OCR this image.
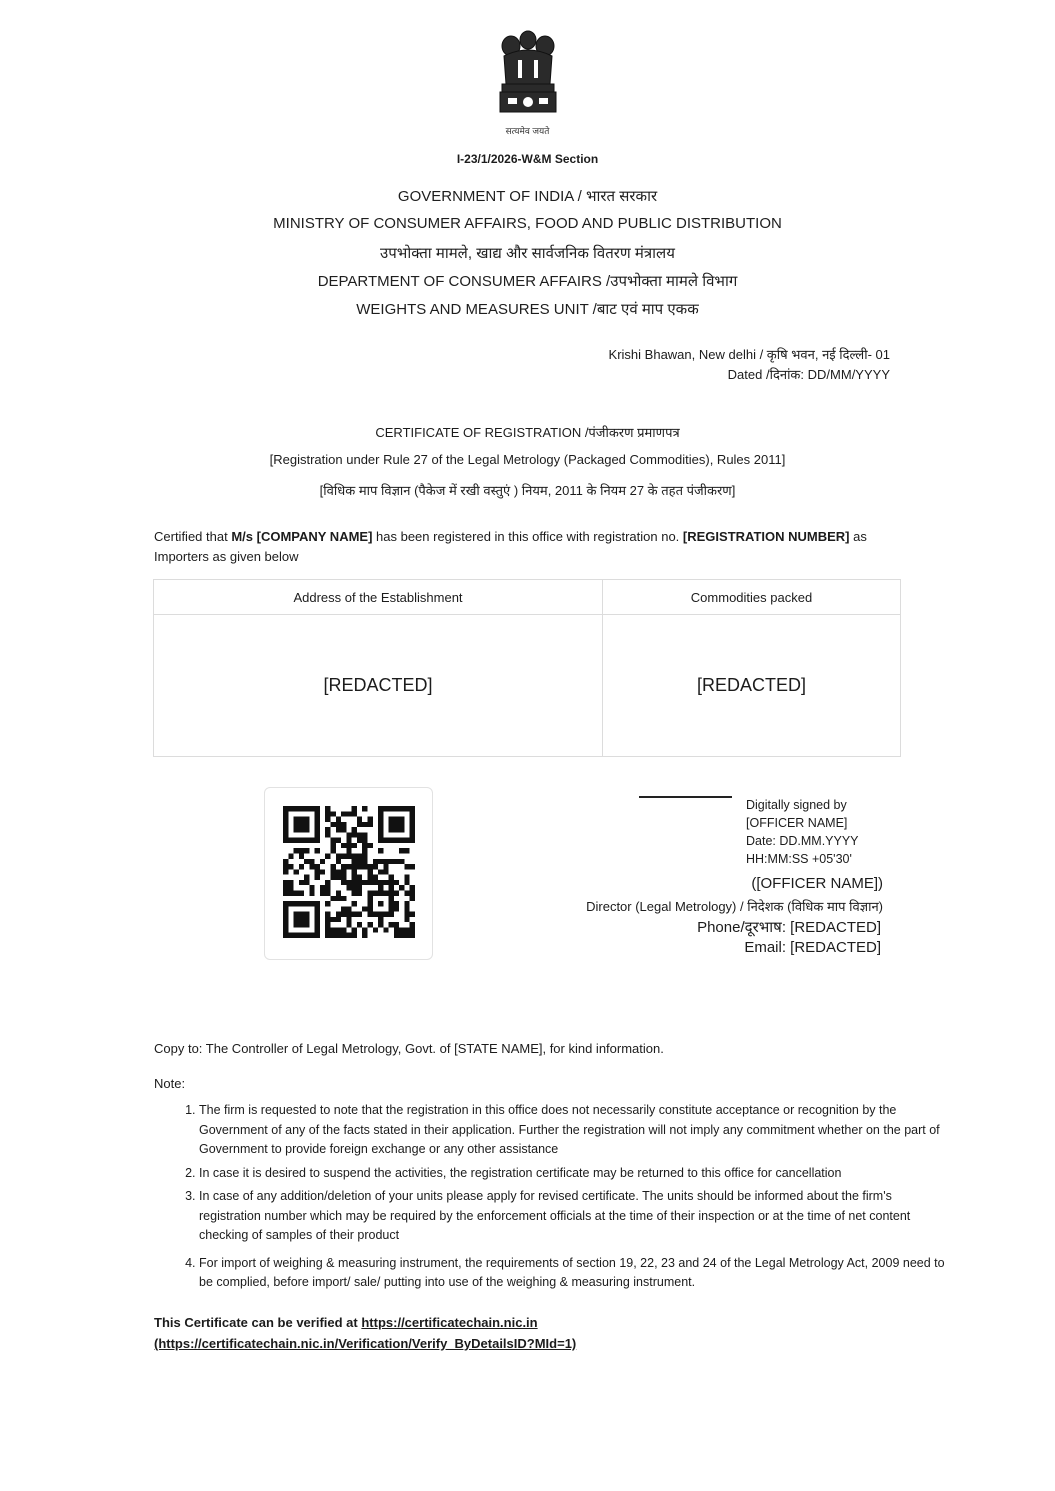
सत्यमेव जयते
I-23/1/2026-W&M Section
GOVERNMENT OF INDIA / भारत सरकार
MINISTRY OF CONSUMER AFFAIRS, FOOD AND PUBLIC DISTRIBUTION
उपभोक्ता मामले, खाद्य और सार्वजनिक वितरण मंत्रालय
DEPARTMENT OF CONSUMER AFFAIRS /उपभोक्ता मामले विभाग
WEIGHTS AND MEASURES UNIT /बाट एवं माप एकक
Krishi Bhawan, New delhi / कृषि भवन, नई दिल्ली- 01
Dated /दिनांक: DD/MM/YYYY
CERTIFICATE OF REGISTRATION /पंजीकरण प्रमाणपत्र
[Registration under Rule 27 of the Legal Metrology (Packaged Commodities), Rules 2011]
[विधिक माप विज्ञान (पैकेज में रखी वस्तुएं ) नियम, 2011 के नियम 27 के तहत पंजीकरण]
Certified that M/s [COMPANY NAME] has been registered in this office with registration no. [REGISTRATION NUMBER] as Importers as given below
Address of the Establishment	Commodities packed
[REDACTED]	[REDACTED]
Digitally signed by
[OFFICER NAME]
Date: DD.MM.YYYY
HH:MM:SS +05'30'
([OFFICER NAME])
Director (Legal Metrology) / निदेशक (विधिक माप विज्ञान)
Phone/दूरभाष: [REDACTED]
Email: [REDACTED]
Copy to: The Controller of Legal Metrology, Govt. of [STATE NAME], for kind information.
Note:
1. The firm is requested to note that the registration in this office does not necessarily constitute acceptance or recognition by the Government of any of the facts stated in their application. Further the registration will not imply any commitment whether on the part of Government to provide foreign exchange or any other assistance
2. In case it is desired to suspend the activities, the registration certificate may be returned to this office for cancellation
3. In case of any addition/deletion of your units please apply for revised certificate. The units should be informed about the firm's registration number which may be required by the enforcement officials at the time of their inspection or at the time of net content checking of samples of their product
4. For import of weighing & measuring instrument, the requirements of section 19, 22, 23 and 24 of the Legal Metrology Act, 2009 need to be complied, before import/ sale/ putting into use of the weighing & measuring instrument.
This Certificate can be verified at https://certificatechain.nic.in (https://certificatechain.nic.in/Verification/Verify_ByDetailsID?MId=1)
